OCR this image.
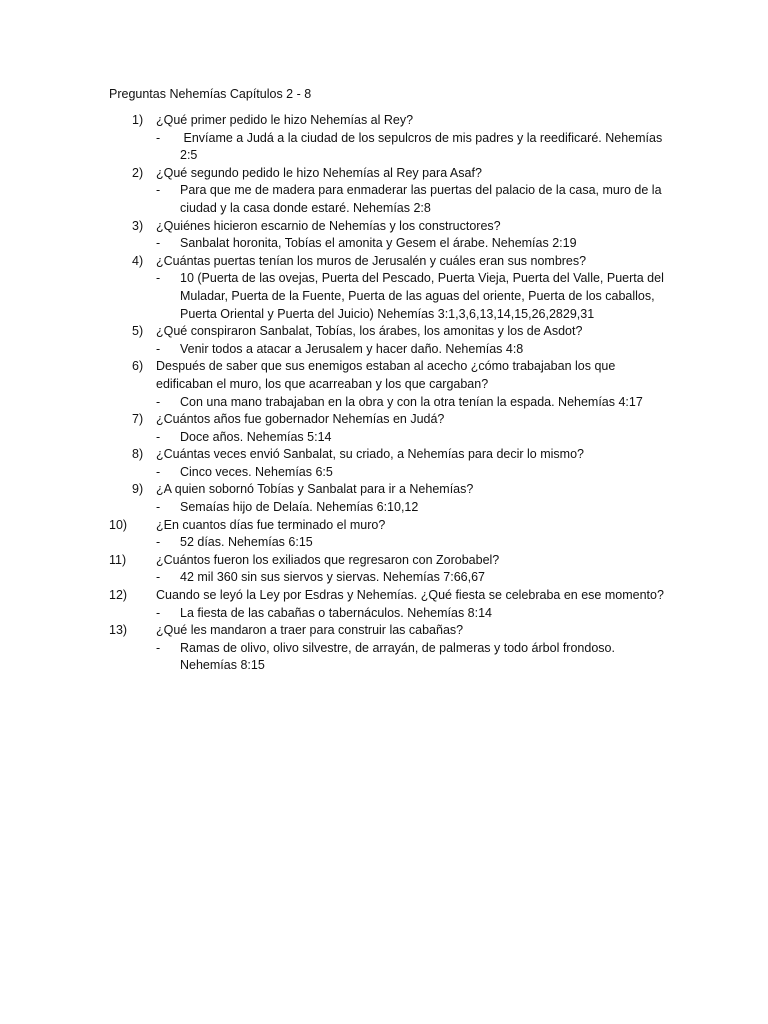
Preguntas Nehemías Capítulos 2 - 8
1)	¿Qué primer pedido le hizo Nehemías al Rey?
- Envíame a Judá a la ciudad de los sepulcros de mis padres y la reedificaré. Nehemías 2:5
2)	¿Qué segundo pedido le hizo Nehemías al Rey para Asaf?
- Para que me de madera para enmaderar las puertas del palacio de la casa, muro de la ciudad y la casa donde estaré. Nehemías 2:8
3)	¿Quiénes hicieron escarnio de Nehemías y los constructores?
- Sanbalat horonita, Tobías el amonita y Gesem el árabe. Nehemías 2:19
4)	¿Cuántas puertas tenían los muros de Jerusalén y cuáles eran sus nombres?
- 10 (Puerta de las ovejas, Puerta del Pescado, Puerta Vieja, Puerta del Valle, Puerta del Muladar, Puerta de la Fuente, Puerta de las aguas del oriente, Puerta de los caballos, Puerta Oriental y Puerta del Juicio) Nehemías 3:1,3,6,13,14,15,26,2829,31
5)	¿Qué conspiraron Sanbalat, Tobías, los árabes, los amonitas y los de Asdot?
- Venir todos a atacar a Jerusalem y hacer daño. Nehemías 4:8
6)	Después de saber que sus enemigos estaban al acecho ¿cómo trabajaban los que edificaban el muro, los que acarreaban y los que cargaban?
- Con una mano trabajaban en la obra y con la otra tenían la espada. Nehemías 4:17
7)	¿Cuántos años fue gobernador Nehemías en Judá?
- Doce años. Nehemías 5:14
8)	¿Cuántas veces envió Sanbalat, su criado, a Nehemías para decir lo mismo?
- Cinco veces. Nehemías 6:5
9)	¿A quien sobornó Tobías y Sanbalat para ir a Nehemías?
- Semaías hijo de Delaía. Nehemías 6:10,12
10)	¿En cuantos días fue terminado el muro?
- 52 días. Nehemías 6:15
11)	¿Cuántos fueron los exiliados que regresaron con Zorobabel?
- 42 mil 360 sin sus siervos y siervas. Nehemías 7:66,67
12)	Cuando se leyó la Ley por Esdras y Nehemías. ¿Qué fiesta se celebraba en ese momento?
- La fiesta de las cabañas o tabernáculos. Nehemías 8:14
13)	¿Qué les mandaron a traer para construir las cabañas?
- Ramas de olivo, olivo silvestre, de arrayán, de palmeras y todo árbol frondoso. Nehemías 8:15
